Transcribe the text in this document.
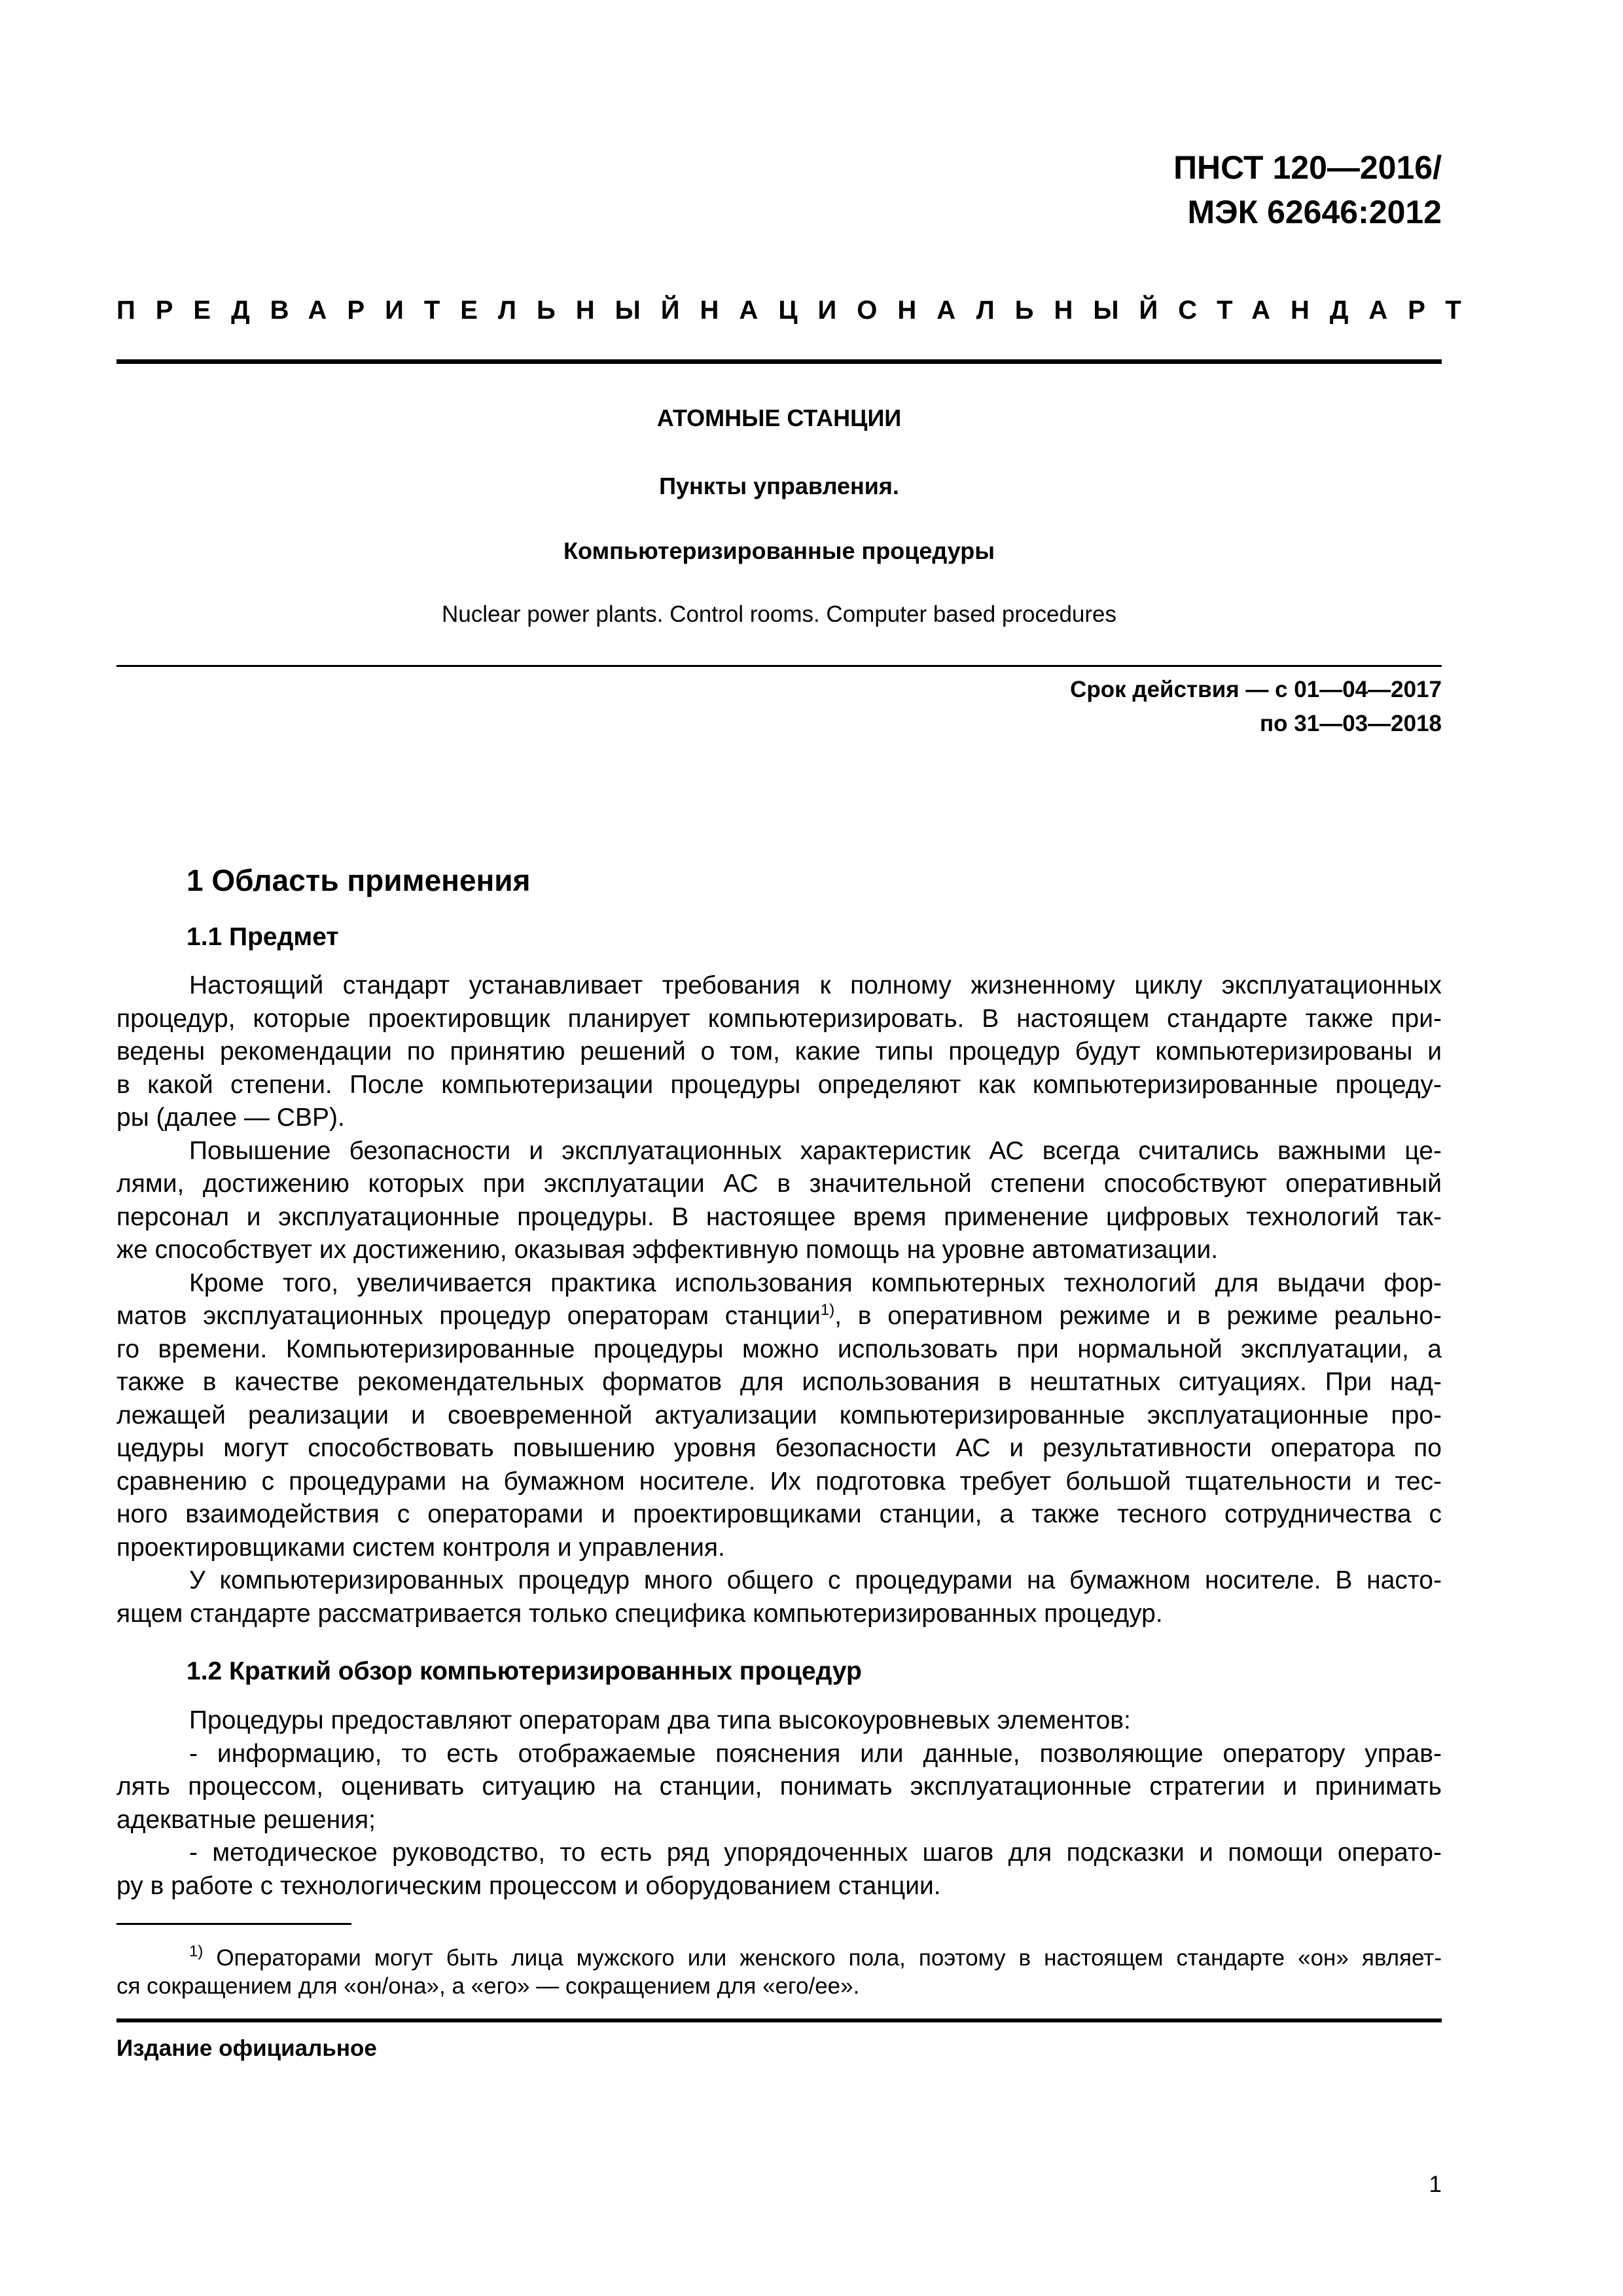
ПНСТ 120—2016/
МЭК 62646:2012
ПРЕДВАРИТЕЛЬНЫЙ НАЦИОНАЛЬНЫЙ СТАНДАРТ
АТОМНЫЕ СТАНЦИИ
Пункты управления.
Компьютеризированные процедуры
Nuclear power plants. Control rooms. Computer based procedures
Срок действия — с 01—04—2017
по 31—03—2018
1 Область применения
1.1 Предмет
Настоящий стандарт устанавливает требования к полному жизненному циклу эксплуатационных
процедур, которые проектировщик планирует компьютеризировать. В настоящем стандарте также при-
ведены рекомендации по принятию решений о том, какие типы процедур будут компьютеризированы и
в какой степени. После компьютеризации процедуры определяют как компьютеризированные процеду-
ры (далее — СВР).
Повышение безопасности и эксплуатационных характеристик АС всегда считались важными це-
лями, достижению которых при эксплуатации АС в значительной степени способствуют оперативный
персонал и эксплуатационные процедуры. В настоящее время применение цифровых технологий так-
же способствует их достижению, оказывая эффективную помощь на уровне автоматизации.
Кроме того, увеличивается практика использования компьютерных технологий для выдачи фор-
матов эксплуатационных процедур операторам станции$^{1)}$, в оперативном режиме и в режиме реально-
го времени. Компьютеризированные процедуры можно использовать при нормальной эксплуатации, а
также в качестве рекомендательных форматов для использования в нештатных ситуациях. При над-
лежащей реализации и своевременной актуализации компьютеризированные эксплуатационные про-
цедуры могут способствовать повышению уровня безопасности АС и результативности оператора по
сравнению с процедурами на бумажном носителе. Их подготовка требует большой тщательности и тес-
ного взаимодействия с операторами и проектировщиками станции, а также тесного сотрудничества с
проектировщиками систем контроля и управления.
У компьютеризированных процедур много общего с процедурами на бумажном носителе. В насто-
ящем стандарте рассматривается только специфика компьютеризированных процедур.
1.2 Краткий обзор компьютеризированных процедур
Процедуры предоставляют операторам два типа высокоуровневых элементов:
- информацию, то есть отображаемые пояснения или данные, позволяющие оператору управ-
лять процессом, оценивать ситуацию на станции, понимать эксплуатационные стратегии и принимать
адекватные решения;
- методическое руководство, то есть ряд упорядоченных шагов для подсказки и помощи операто-
ру в работе с технологическим процессом и оборудованием станции.
$^{1)}$ Операторами могут быть лица мужского или женского пола, поэтому в настоящем стандарте «он» являет-
ся сокращением для «он/она», а «его» — сокращением для «его/ее».
Издание официальное
1
